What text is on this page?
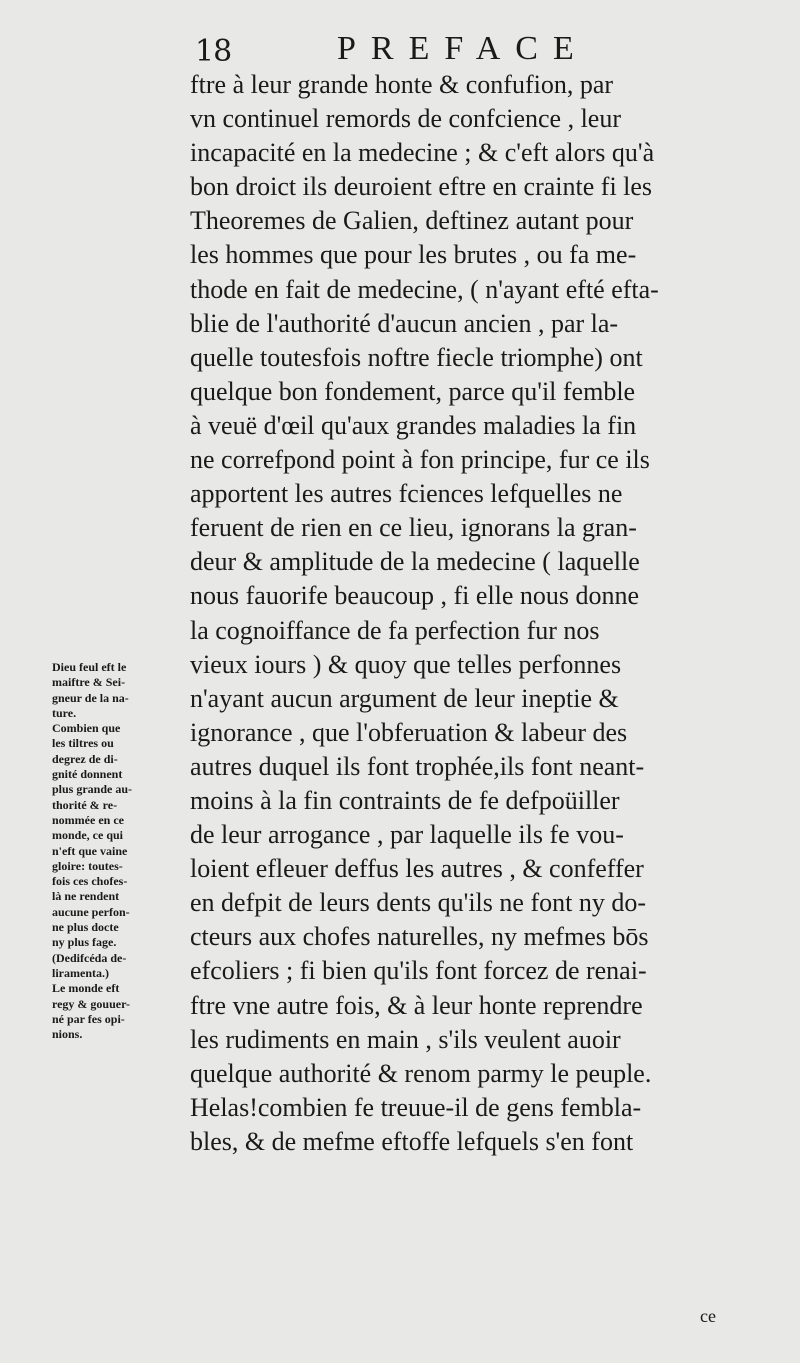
18	PREFACE
ftre à leur grande honte & confufion, par
vn continuel remords de confcience , leur
incapacité en la medecine ; & c'eft alors qu'à
bon droict ils deuroient eftre en crainte fi les
Theoremes de Galien, deftinez autant pour
les hommes que pour les brutes , ou fa me-
thode en fait de medecine, ( n'ayant efté efta-
blie de l'authorité d'aucun ancien , par la-
quelle toutesfois noftre fiecle triomphe) ont
quelque bon fondement, parce qu'il femble
à veuë d'œil qu'aux grandes maladies la fin
ne correfpond point à fon principe, fur ce ils
apportent les autres fciences lefquelles ne
feruent de rien en ce lieu, ignorans la gran-
deur & amplitude de la medecine ( laquelle
nous fauorife beaucoup , fi elle nous donne
la cognoiffance de fa perfection fur nos
vieux iours ) & quoy que telles perfonnes
n'ayant aucun argument de leur ineptie &
ignorance , que l'obferuation & labeur des
autres duquel ils font trophée,ils font neant-
moins à la fin contraints de fe defpoüiller
de leur arrogance , par laquelle ils fe vou-
loient efleuer deffus les autres , & confeffer
en defpit de leurs dents qu'ils ne font ny do-
cteurs aux chofes naturelles, ny mefmes bōs
efcoliers ; fi bien qu'ils font forcez de renai-
ftre vne autre fois, & à leur honte reprendre
les rudiments en main , s'ils veulent auoir
quelque authorité & renom parmy le peuple.
Helas!combien fe treuue-il de gens fembla-
bles, & de mefme eftoffe lefquels s'en font
Dieu feul eft le
maiftre & Sei-
gneur de la na-
ture.
Combien que
les tiltres ou
degrez de di-
gnité donnent
plus grande au-
thorité & re-
nommée en ce
monde, ce qui
n'eft que vaine
gloire: toutes-
fois ces chofes-
là ne rendent
aucune perfon-
ne plus docte
ny plus fage.
(Dedifcéda de-
liramenta.)
Le monde eft
regy & gouuer-
né par fes opi-
nions.
ce
